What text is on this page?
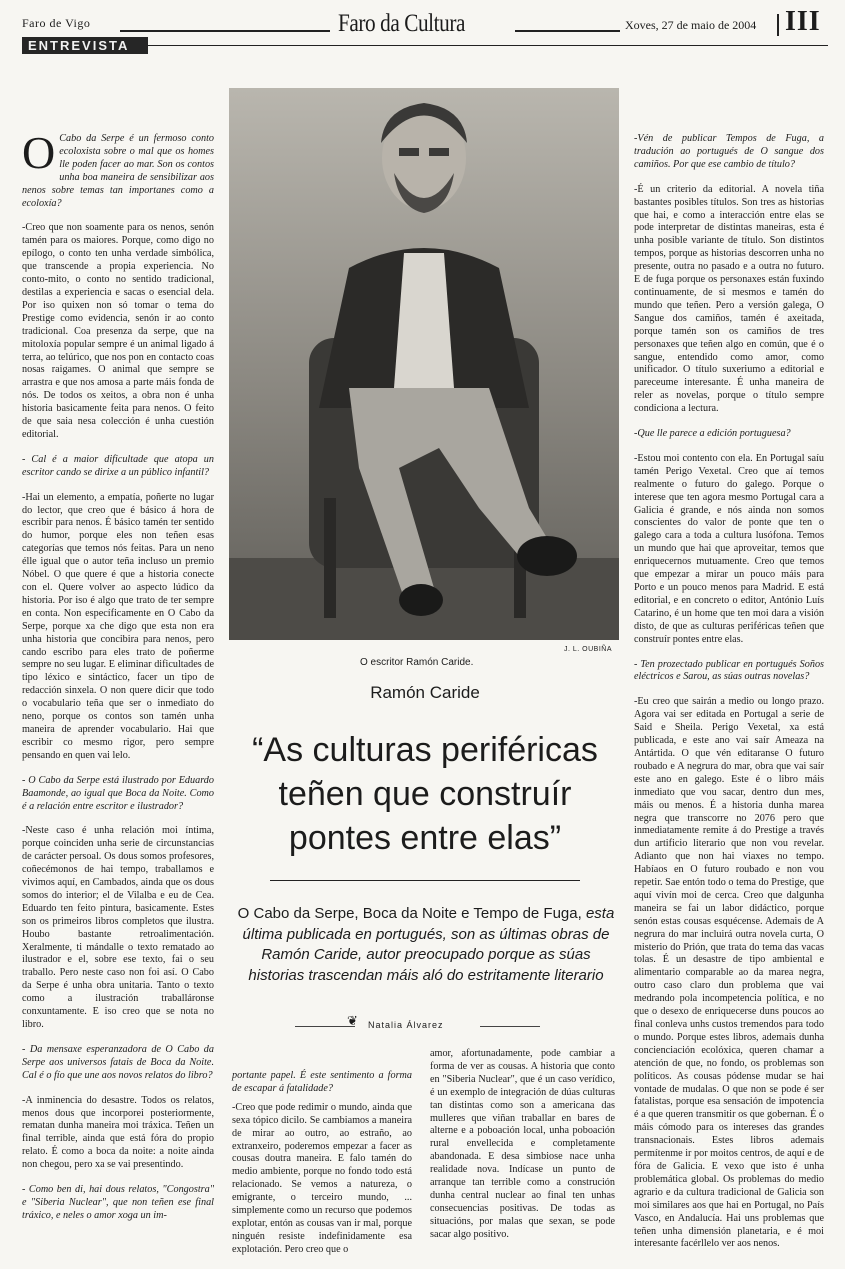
Faro de Vigo	Faro da Cultura	Xoves, 27 de maio de 2004 III
ENTREVISTA

O Cabo da Serpe é un fermoso conto ecoloxista sobre o mal que os homes lle poden facer ao mar. Son os contos unha boa maneira de sensibilizar aos nenos sobre temas tan importanes como a ecoloxía?

-Creo que non soamente para os nenos, senón tamén para os maiores. Porque, como digo no epílogo, o conto ten unha verdade simbólica, que transcende a propia experiencia. No conto-mito, o conto no sentido tradicional, destilas a experiencia e sacas o esencial dela. Por iso quixen non só tomar o tema do Prestige como evidencia, senón ir ao conto tradicional. Coa presenza da serpe, que na mitoloxía popular sempre é un animal ligado á terra, ao telúrico, que nos pon en contacto coas nosas raigames. O animal que sempre se arrastra e que nos amosa a parte máis fonda de nós. De todos os xeitos, a obra non é unha historia basicamente feita para nenos. O feito de que saia nesa colección é unha cuestión editorial.

- Cal é a maior dificultade que atopa un escritor cando se dirixe a un público infantil?

-Hai un elemento, a empatía, poñerte no lugar do lector, que creo que é básico á hora de escribir para nenos. É básico tamén ter sentido do humor, porque eles non teñen esas categorías que temos nós feitas. Para un neno élle igual que o autor teña incluso un premio Nóbel. O que quere é que a historia conecte con el. Quere volver ao aspecto lúdico da historia. Por iso é algo que trato de ter sempre en conta. Non específicamente en O Cabo da Serpe, porque xa che digo que esta non era unha historia que concibira para nenos, pero cando escribo para eles trato de poñerme sempre no seu lugar. E eliminar dificultades de tipo léxico e sintáctico, facer un tipo de redacción sinxela. O non quere dicir que todo o vocabulario teña que ser o inmediato do neno, porque os contos son tamén unha maneira de aprender vocabulario. Hai que escribir co mesmo rigor, pero sempre pensando en quen vai lelo.

- O Cabo da Serpe está ilustrado por Eduardo Baamonde, ao igual que Boca da Noite. Como é a relación entre escritor e ilustrador?

-Neste caso é unha relación moi íntima, porque coinciden unha serie de circunstancias de carácter persoal. Os dous somos profesores, coñecémonos de hai tempo, traballamos e vivimos aquí, en Cambados, ainda que os dous somos do interior; el de Vilalba e eu de Cea. Eduardo ten feito pintura, basicamente. Estes son os primeiros libros completos que ilustra. Houbo bastante retroalimentación. Xeralmente, ti mándalle o texto rematado ao ilustrador e el, sobre ese texto, fai o seu traballo. Pero neste caso non foi así. O Cabo da Serpe é unha obra unitaria. Tanto o texto como a ilustración traballáronse conxuntamente. E iso creo que se nota no libro.

- Da mensaxe esperanzadora de O Cabo da Serpe aos universos fatais de Boca da Noite. Cal é o fío que une aos novos relatos do libro?

-A inminencia do desastre. Todos os relatos, menos dous que incorporei posteriormente, rematan dunha maneira moi tráxica. Teñen un final terrible, ainda que está fóra do propio relato. É como a boca da noite: a noite ainda non chegou, pero xa se vai presentindo.

- Como ben di, hai dous relatos, "Congostra" e "Siberia Nuclear", que non teñen ese final tráxico, e neles o amor xoga un im-

J. L. OUBIÑA
O escritor Ramón Caride.
Ramón Caride
“As culturas periféricas
teñen que construír
pontes entre elas”
O Cabo da Serpe, Boca da Noite e Tempo de Fuga, esta última publicada en portugués, son as últimas obras de Ramón Caride, autor preocupado porque as súas historias trascendan máis aló do estritamente literario
❦ Natalia Álvarez

portante papel. É este sentimento a forma de escapar á fatalidade?

-Creo que pode redimir o mundo, ainda que sexa tópico dicilo. Se cambiamos a maneira de mirar ao outro, ao estraño, ao extranxeiro, poderemos empezar a facer as cousas doutra maneira. E falo tamén do medio ambiente, porque no fondo todo está relacionado. Se vemos a natureza, o emigrante, o terceiro mundo, ... simplemente como un recurso que podemos explotar, entón as cousas van ir mal, porque ninguén resiste indefinidamente esa explotación. Pero creo que o

amor, afortunadamente, pode cambiar a forma de ver as cousas. A historia que conto en "Siberia Nuclear", que é un caso verídico, é un exemplo de integración de dúas culturas tan distintas como son a americana das mulleres que viñan traballar en bares de alterne e a poboación local, unha poboación rural envellecida e completamente abandonada. E desa simbiose nace unha realidade nova. Indícase un punto de arranque tan terrible como a construción dunha central nuclear ao final ten unhas consecuencias positivas. De todas as situacións, por malas que sexan, se pode sacar algo positivo.

-Vén de publicar Tempos de Fuga, a tradución ao portugués de O sangue dos camiños. Por que ese cambio de título?

-É un criterio da editorial. A novela tiña bastantes posibles títulos. Son tres as historias que hai, e como a interacción entre elas se pode interpretar de distintas maneiras, esta é unha posible variante de título. Son distintos tempos, porque as historias descorren unha no presente, outra no pasado e a outra no futuro. E de fuga porque os personaxes están fuxindo continuamente, de si mesmos e tamén do mundo que teñen. Pero a versión galega, O Sangue dos camiños, tamén é axeitada, porque tamén son os camiños de tres personaxes que teñen algo en común, que é o sangue, entendido como amor, como unificador. O título suxeriumo a editorial e pareceume interesante. É unha maneira de reler as novelas, porque o título sempre condiciona a lectura.

-Que lle parece a edición portuguesa?

-Estou moi contento con ela. En Portugal saíu tamén Perigo Vexetal. Creo que aí temos realmente o futuro do galego. Porque o interese que ten agora mesmo Portugal cara a Galicia é grande, e nós ainda non somos conscientes do valor de ponte que ten o galego cara a toda a cultura lusófona. Temos un mundo que hai que aproveitar, temos que enriquecernos mutuamente. Creo que temos que empezar a mirar un pouco máis para Porto e un pouco menos para Madrid. E está editorial, e en concreto o editor, António Luís Catarino, é un home que ten moi dara a visión disto, de que as culturas periféricas teñen que construír pontes entre elas.

- Ten prozectado publicar en portugués Soños eléctricos e Sarou, as súas outras novelas?

-Eu creo que sairán a medio ou longo prazo. Agora vai ser editada en Portugal a serie de Said e Sheila. Perigo Vexetal, xa está publicada, e este ano vai saír Ameaza na Antártida. O que vén editaranse O futuro roubado e A negrura do mar, obra que vai saír este ano en galego. Este é o libro máis inmediato que vou sacar, dentro dun mes, máis ou menos. É a historia dunha marea negra que transcorre no 2076 pero que inmediatamente remite á do Prestige a través dun artificio literario que non vou revelar. Adianto que non hai viaxes no tempo. Habíaos en O futuro roubado e non vou repetir. Sae entón todo o tema do Prestige, que aquí vivín moi de cerca. Creo que dalgunha maneira se fai un labor didáctico, porque senón estas cousas esquécense. Ademais de A negrura do mar incluirá outra novela curta, O misterio do Prión, que trata do tema das vacas tolas. É un desastre de tipo ambiental e alimentario comparable ao da marea negra, outro caso claro dun problema que vai medrando pola incompetencia política, e no que o desexo de enriquecerse duns poucos ao final conleva unhs custos tremendos para todo o mundo. Porque estes libros, ademais dunha concienciación ecolóxica, queren chamar a atención de que, no fondo, os problemas son políticos. As cousas pódense mudar se hai vontade de mudalas. O que non se pode é ser fatalistas, porque esa sensación de impotencia é a que queren transmitir os que gobernan. É o máis cómodo para os intereses das grandes transnacionais. Estes libros ademais permítenme ir por moitos centros, de aquí e de fóra de Galicia. E vexo que isto é unha problemática global. Os problemas do medio agrario e da cultura tradicional de Galicia son moi similares aos que hai en Portugal, no País Vasco, en Andalucía. Hai uns problemas que teñen unha dimensión planetaria, e é moi interesante facérllelo ver aos nenos.
